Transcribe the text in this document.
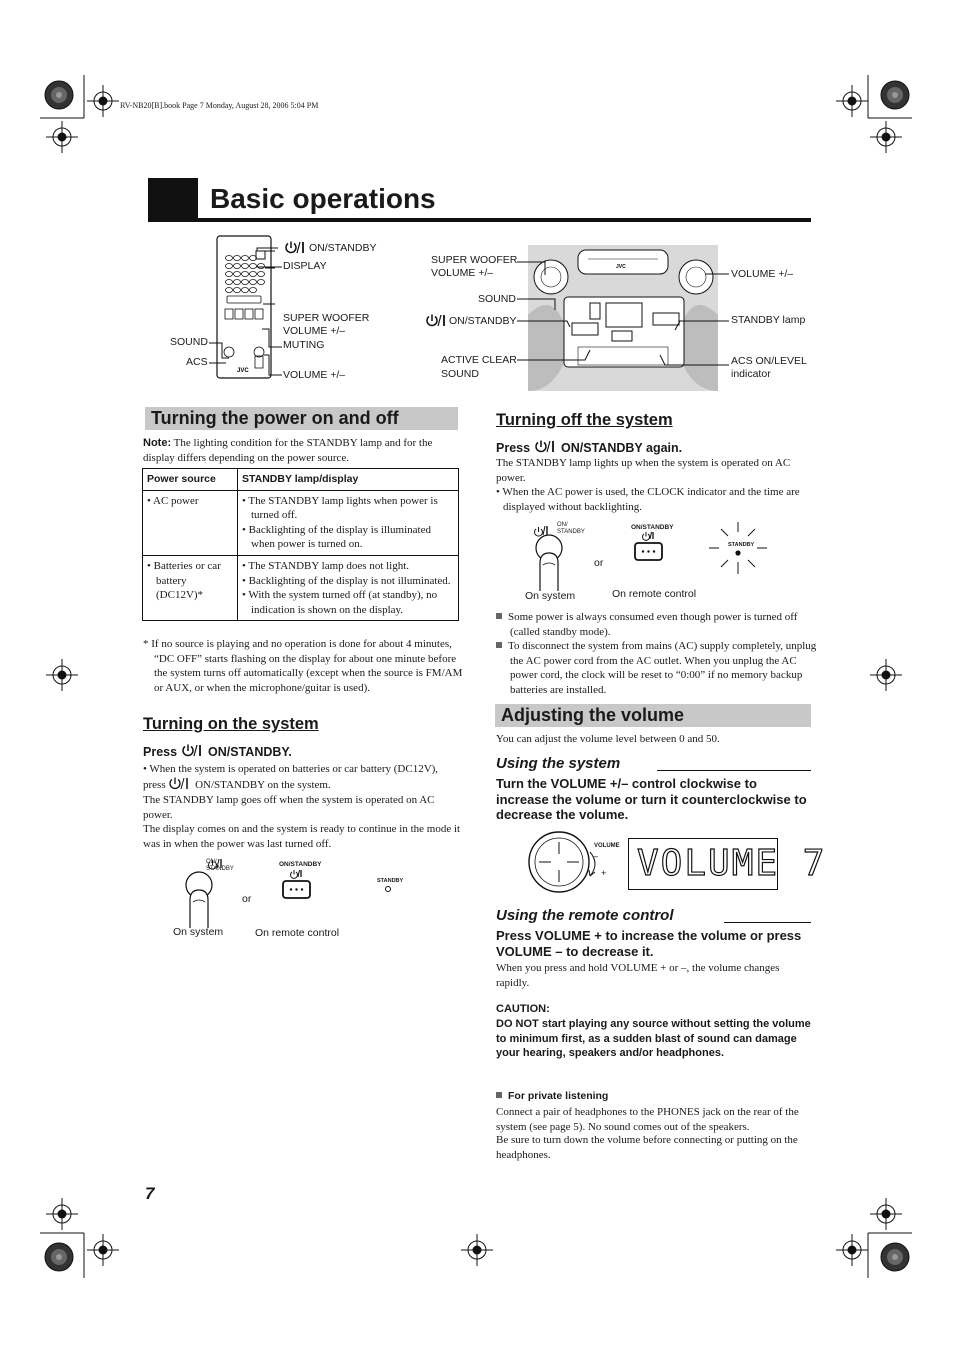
RV-NB20[B].book Page 7 Monday, August 28, 2006 5:04 PM
Basic operations
JVC
ON/STANDBY
DISPLAY
SUPER WOOFER
VOLUME +/–
MUTING
VOLUME +/–
SOUND
ACS
JVC
SUPER WOOFER
VOLUME +/–
SOUND
ON/STANDBY
ACTIVE CLEAR
SOUND
VOLUME +/–
STANDBY lamp
ACS ON/LEVEL
indicator
Turning the power on and off
Note: The lighting condition for the STANDBY lamp and for the display differs depending on the power source.
Power source	STANDBY lamp/display

• AC power	• The STANDBY lamp lights when power is turned off.
• Backlighting of the display is illuminated when power is turned on.

• Batteries or car battery (DC12V)*	• The STANDBY lamp does not light.
• Backlighting of the display is not illuminated.
• With the system turned off (at standby), no indication is shown on the display.
* If no source is playing and no operation is done for about 4 minutes, “DC OFF” starts flashing on the display for about one minute before the system turns off automatically (except when the source is FM/AM or AUX, or when the microphone/guitar is used).
Turning on the system
Press ON/STANDBY.
• When the system is operated on batteries or car battery (DC12V), press	ON/STANDBY on the system.
The STANDBY lamp goes off when the system is operated on AC power.
The display comes on and the system is ready to continue in the mode it was in when the power was last turned off.
ON/
STANDBY
ON/STANDBY
STANDBY
or
On system	On remote control
Turning off the system
Press ON/STANDBY again.
The STANDBY lamp lights up when the system is operated on AC power.
• When the AC power is used, the CLOCK indicator and the time are displayed without backlighting.
ON/
STANDBY
ON/STANDBY
STANDBY
or
On system	On remote control
Some power is always consumed even though power is turned off (called standby mode).
To disconnect the system from mains (AC) supply completely, unplug the AC power cord from the AC outlet. When you unplug the AC power cord, the clock will be reset to “0:00” if no memory backup batteries are installed.
Adjusting the volume
You can adjust the volume level between 0 and 50.
Using the system
Turn the VOLUME +/– control clockwise to increase the volume or turn it counterclockwise to decrease the volume.
VOLUME
–
+ VOLUME 7
Using the remote control
Press VOLUME + to increase the volume or press VOLUME – to decrease it.
When you press and hold VOLUME + or –, the volume changes rapidly.
CAUTION:
DO NOT start playing any source without setting the volume to minimum first, as a sudden blast of sound can damage your hearing, speakers and/or headphones.
For private listening
Connect a pair of headphones to the PHONES jack on the rear of the system (see page 5). No sound comes out of the speakers.
Be sure to turn down the volume before connecting or putting on the headphones.
7
